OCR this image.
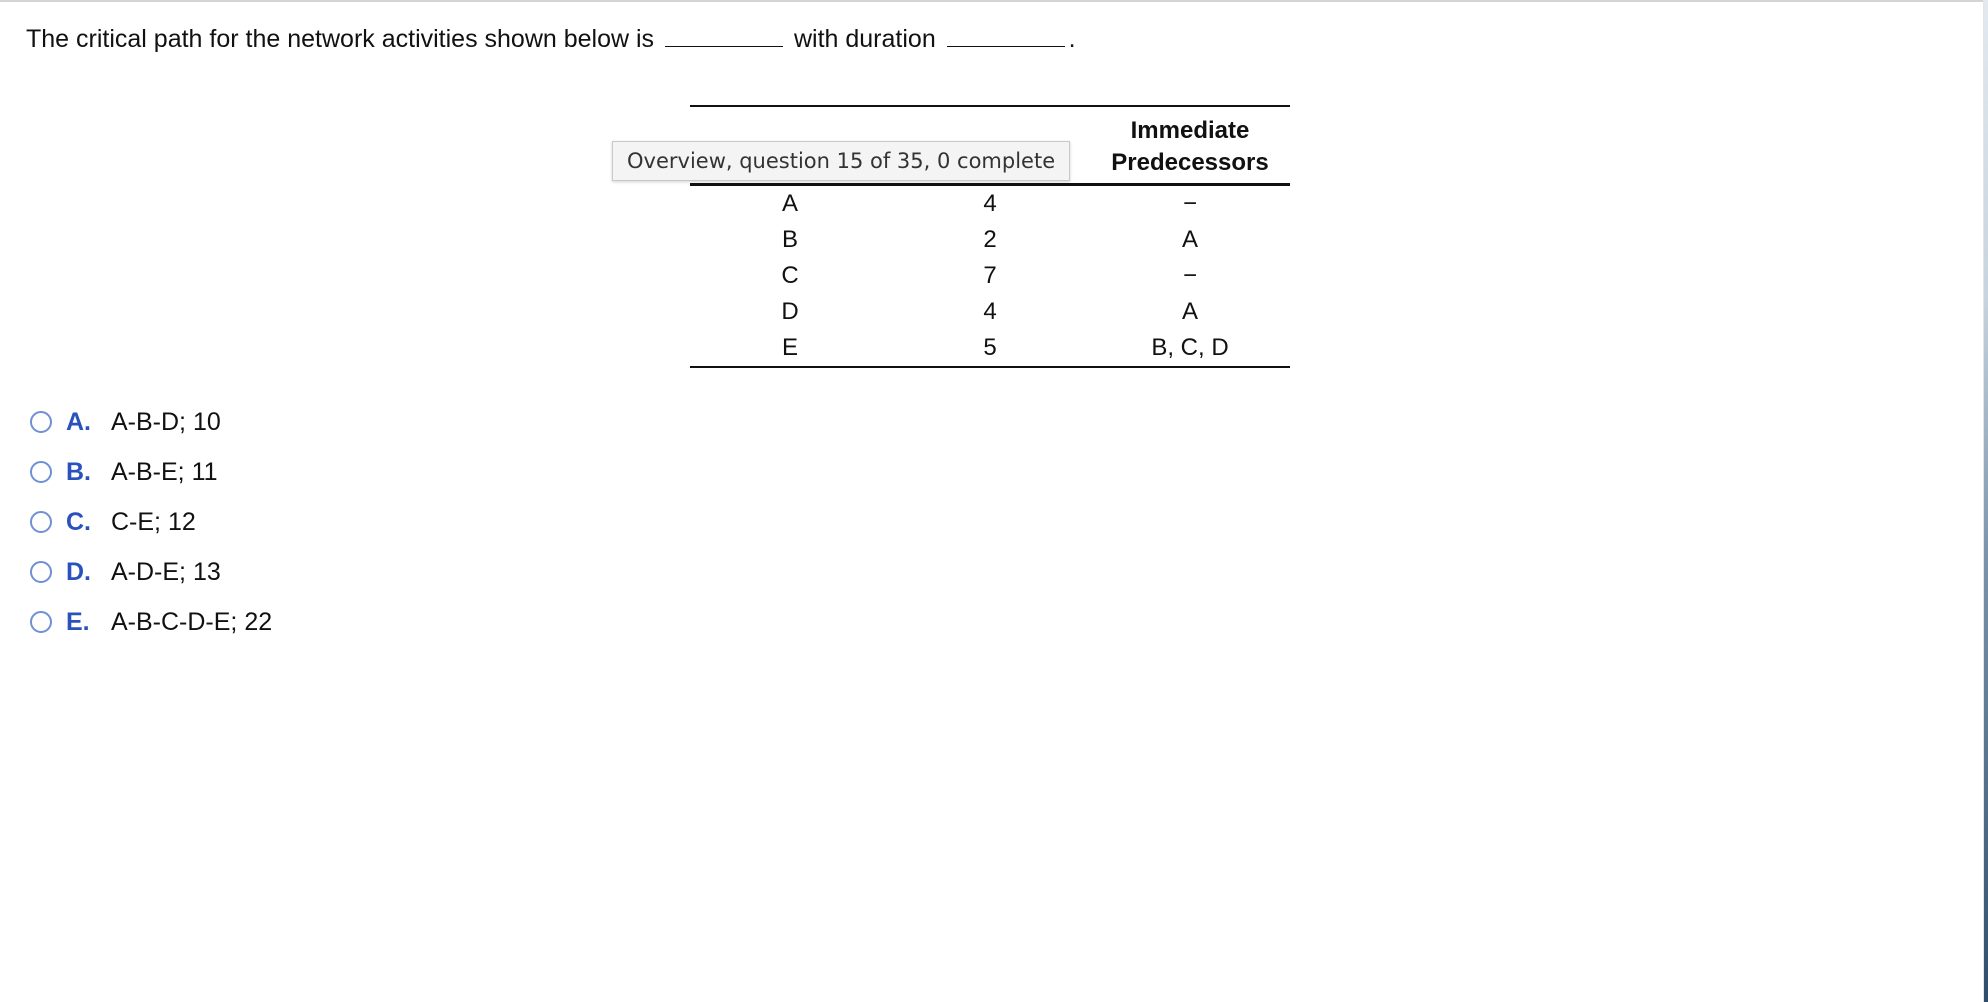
The critical path for the network activities shown below is	with duration	.
		Immediate
Predecessors
A	4	−
B	2	A
C	7	−
D	4	A
E	5	B, C, D
Overview, question 15 of 35, 0 complete
A. A-B-D; 10
B. A-B-E; 11
C. C-E; 12
D. A-D-E; 13
E. A-B-C-D-E; 22
